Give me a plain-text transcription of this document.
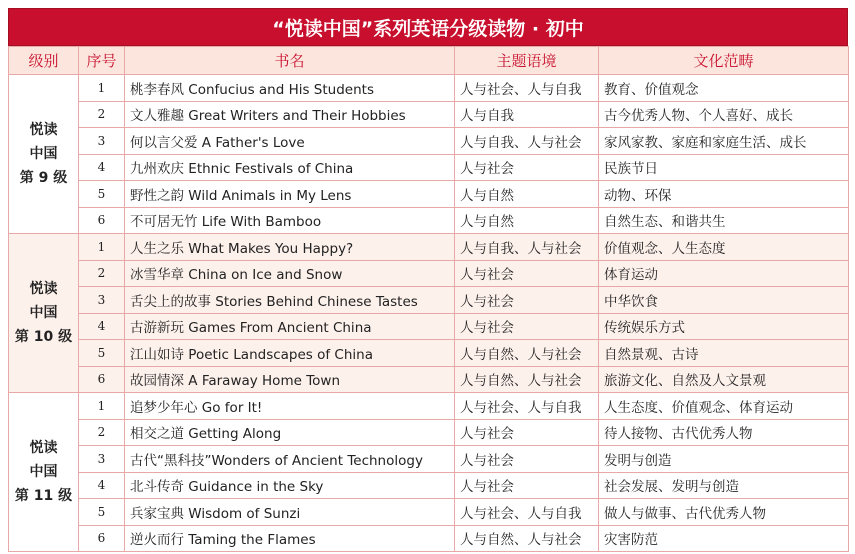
“悦读中国”系列英语分级读物 · 初中
级别	序号	书名	主题语境	文化范畴

悦读
中国
第 9 级	1	桃李春风 Confucius and His Students	人与社会、人与自我	教育、价值观念
	2	文人雅趣 Great Writers and Their Hobbies	人与自我	古今优秀人物、个人喜好、成长
	3	何以言父爱 A Father's Love	人与自我、人与社会	家风家教、家庭和家庭生活、成长
	4	九州欢庆 Ethnic Festivals of China	人与社会	民族节日
	5	野性之韵 Wild Animals in My Lens	人与自然	动物、环保
	6	不可居无竹 Life With Bamboo	人与自然	自然生态、和谐共生

悦读
中国
第 10 级	1	人生之乐 What Makes You Happy?	人与自我、人与社会	价值观念、人生态度
	2	冰雪华章 China on Ice and Snow	人与社会	体育运动
	3	舌尖上的故事 Stories Behind Chinese Tastes	人与社会	中华饮食
	4	古游新玩 Games From Ancient China	人与社会	传统娱乐方式
	5	江山如诗 Poetic Landscapes of China	人与自然、人与社会	自然景观、古诗
	6	故园情深 A Faraway Home Town	人与自然、人与社会	旅游文化、自然及人文景观

悦读
中国
第 11 级	1	追梦少年心 Go for It!	人与社会、人与自我	人生态度、价值观念、体育运动
	2	相交之道 Getting Along	人与社会	待人接物、古代优秀人物
	3	古代“黑科技”Wonders of Ancient Technology	人与社会	发明与创造
	4	北斗传奇 Guidance in the Sky	人与社会	社会发展、发明与创造
	5	兵家宝典 Wisdom of Sunzi	人与社会、人与自我	做人与做事、古代优秀人物
	6	逆火而行 Taming the Flames	人与自然、人与社会	灾害防范
